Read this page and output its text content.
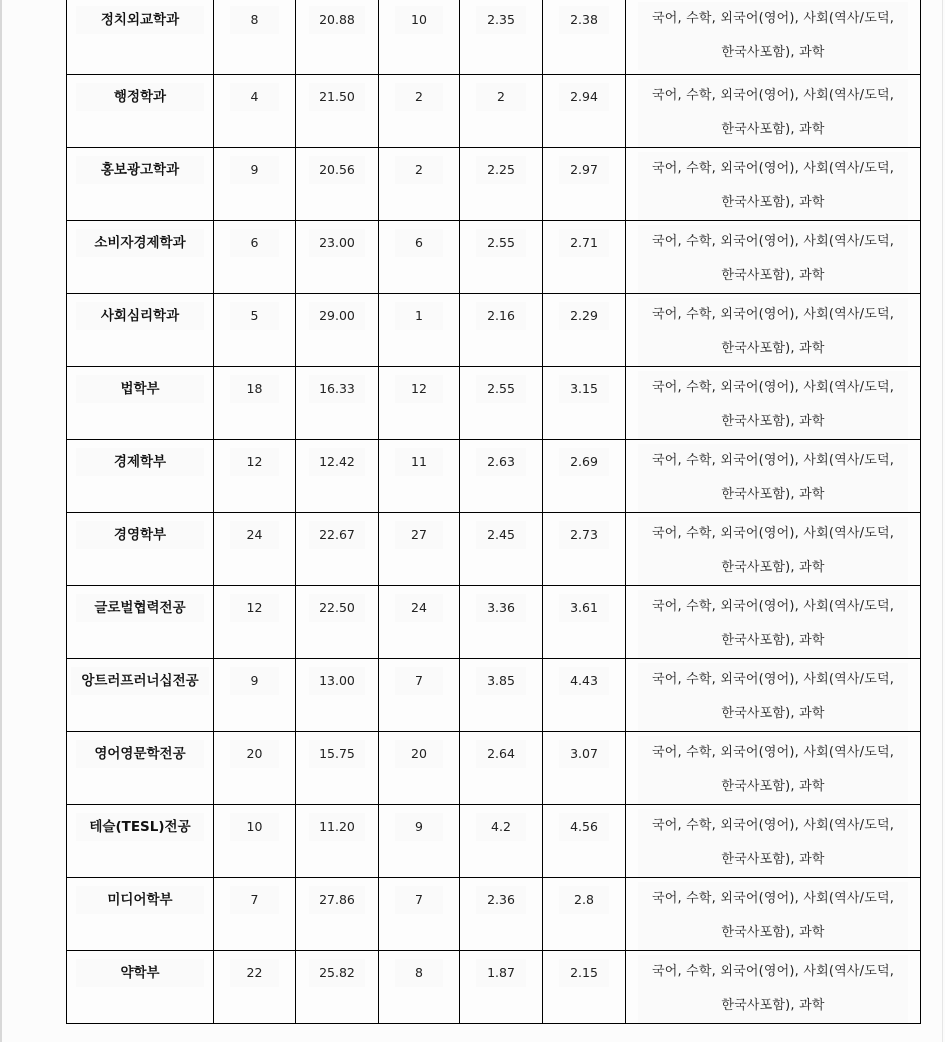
정치외교학과	8	20.88	10	2.35	2.38	국어, 수학, 외국어(영어), 사회(역사/도덕,
한국사포함), 과학
행정학과	4	21.50	2	2	2.94	국어, 수학, 외국어(영어), 사회(역사/도덕,
한국사포함), 과학
홍보광고학과	9	20.56	2	2.25	2.97	국어, 수학, 외국어(영어), 사회(역사/도덕,
한국사포함), 과학
소비자경제학과	6	23.00	6	2.55	2.71	국어, 수학, 외국어(영어), 사회(역사/도덕,
한국사포함), 과학
사회심리학과	5	29.00	1	2.16	2.29	국어, 수학, 외국어(영어), 사회(역사/도덕,
한국사포함), 과학
법학부	18	16.33	12	2.55	3.15	국어, 수학, 외국어(영어), 사회(역사/도덕,
한국사포함), 과학
경제학부	12	12.42	11	2.63	2.69	국어, 수학, 외국어(영어), 사회(역사/도덕,
한국사포함), 과학
경영학부	24	22.67	27	2.45	2.73	국어, 수학, 외국어(영어), 사회(역사/도덕,
한국사포함), 과학
글로벌협력전공	12	22.50	24	3.36	3.61	국어, 수학, 외국어(영어), 사회(역사/도덕,
한국사포함), 과학
앙트러프러너십전공	9	13.00	7	3.85	4.43	국어, 수학, 외국어(영어), 사회(역사/도덕,
한국사포함), 과학
영어영문학전공	20	15.75	20	2.64	3.07	국어, 수학, 외국어(영어), 사회(역사/도덕,
한국사포함), 과학
테슬(TESL)전공	10	11.20	9	4.2	4.56	국어, 수학, 외국어(영어), 사회(역사/도덕,
한국사포함), 과학
미디어학부	7	27.86	7	2.36	2.8	국어, 수학, 외국어(영어), 사회(역사/도덕,
한국사포함), 과학
약학부	22	25.82	8	1.87	2.15	국어, 수학, 외국어(영어), 사회(역사/도덕,
한국사포함), 과학
